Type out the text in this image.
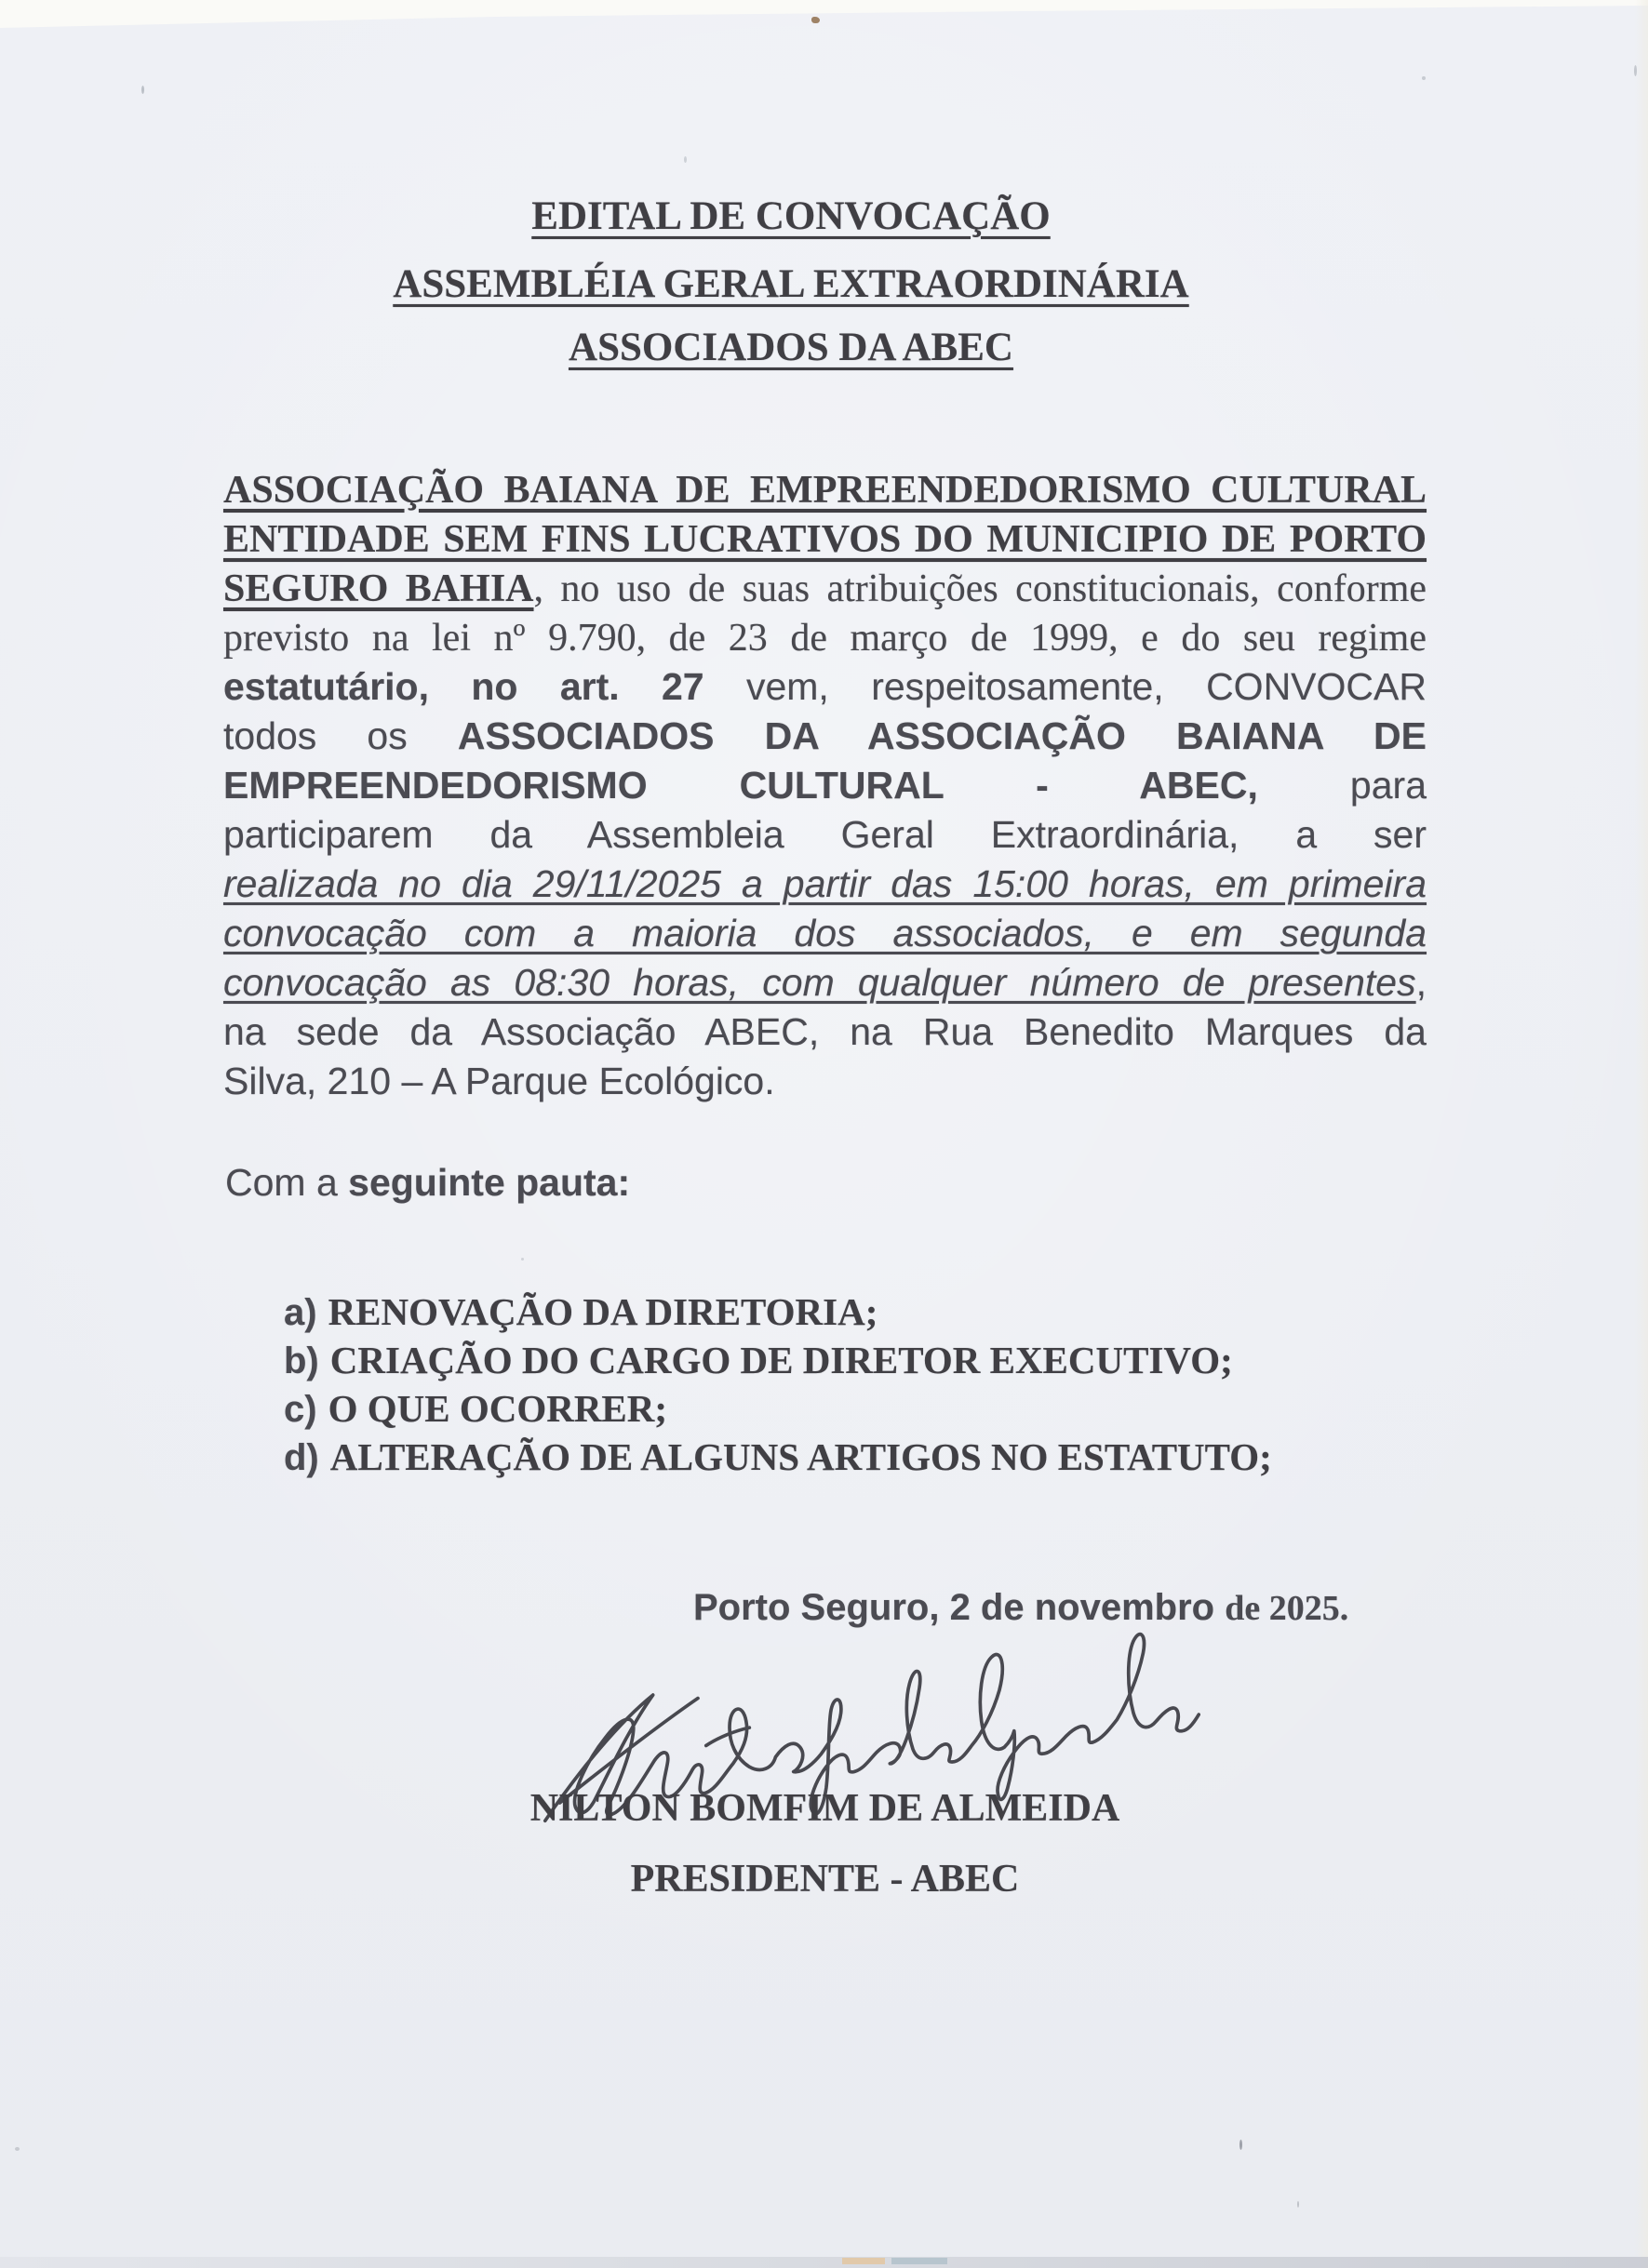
EDITAL DE CONVOCAÇÃO
ASSEMBLÉIA GERAL EXTRAORDINÁRIA
ASSOCIADOS DA ABEC
ASSOCIAÇÃO BAIANA DE EMPREENDEDORISMO CULTURAL
ENTIDADE SEM FINS LUCRATIVOS DO MUNICIPIO DE PORTO
SEGURO BAHIA, no uso de suas atribuições constitucionais, conforme
previsto na lei nº 9.790, de 23 de março de 1999, e do seu regime
estatutário, no art. 27 vem, respeitosamente, CONVOCAR
todos os ASSOCIADOS DA ASSOCIAÇÃO BAIANA DE
EMPREENDEDORISMO CULTURAL - ABEC, para
participarem da Assembleia Geral Extraordinária, a ser
realizada no dia 29/11/2025 a partir das 15:00 horas, em primeira
convocação com a maioria dos associados, e em segunda
convocação as 08:30 horas, com qualquer número de presentes,
na sede da Associação ABEC, na Rua Benedito Marques da
Silva, 210 – A Parque Ecológico.
Com a seguinte pauta:
a) RENOVAÇÃO DA DIRETORIA;
b) CRIAÇÃO DO CARGO DE DIRETOR EXECUTIVO;
c) O QUE OCORRER;
d) ALTERAÇÃO DE ALGUNS ARTIGOS NO ESTATUTO;
Porto Seguro, 2 de novembro de 2025.
NILTON BOMFIM DE ALMEIDA
PRESIDENTE - ABEC
